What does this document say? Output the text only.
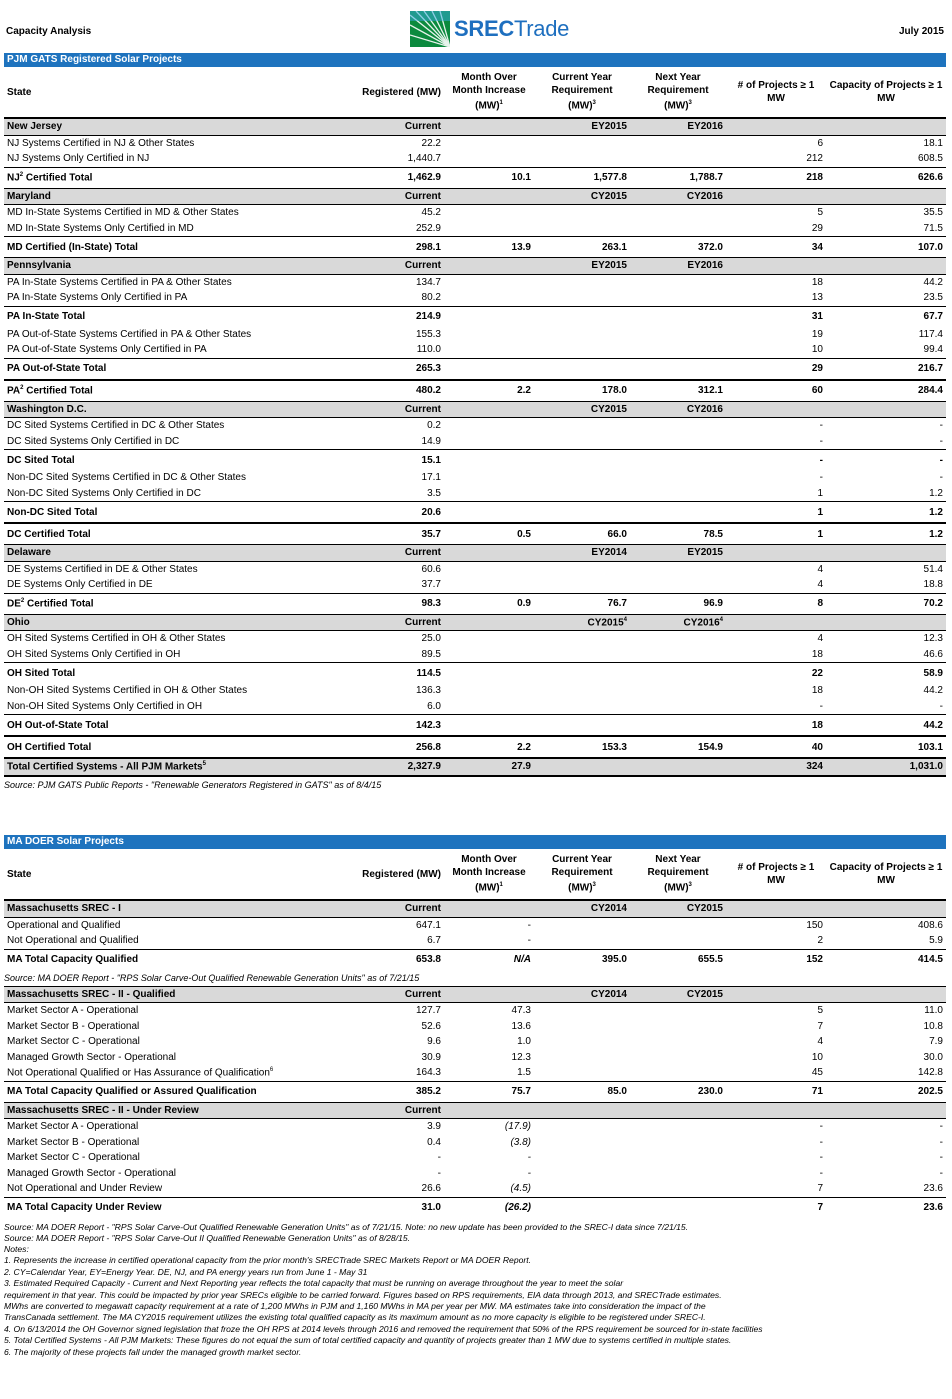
Capacity Analysis	SRECTrade	July 2015
PJM GATS Registered Solar Projects
State	Registered (MW)	Month Over Month Increase (MW)$^1$	Current Year Requirement (MW)$^3$	Next Year Requirement (MW)$^3$	# of Projects ≥ 1 MW	Capacity of Projects ≥ 1 MW
New Jersey	Current		EY2015	EY2016		
NJ Systems Certified in NJ & Other States	22.2				6	18.1
NJ Systems Only Certified in NJ	1,440.7				212	608.5
$NJ^2$ Certified Total	1,462.9	10.1	1,577.8	1,788.7	218	626.6
Maryland	Current		CY2015	CY2016		
MD In-State Systems Certified in MD & Other States	45.2				5	35.5
MD In-State Systems Only Certified in MD	252.9				29	71.5
MD Certified (In-State) Total	298.1	13.9	263.1	372.0	34	107.0
Pennsylvania	Current		EY2015	EY2016		
PA In-State Systems Certified in PA & Other States	134.7				18	44.2
PA In-State Systems Only Certified in PA	80.2				13	23.5
PA In-State Total	214.9				31	67.7
PA Out-of-State Systems Certified in PA & Other States	155.3				19	117.4
PA Out-of-State Systems Only Certified in PA	110.0				10	99.4
PA Out-of-State Total	265.3				29	216.7
$PA^2$ Certified Total	480.2	2.2	178.0	312.1	60	284.4
Washington D.C.	Current		CY2015	CY2016		
DC Sited Systems Certified in DC & Other States	0.2				-	-
DC Sited Systems Only Certified in DC	14.9				-	-
DC Sited Total	15.1				-	-
Non-DC Sited Systems Certified in DC & Other States	17.1				-	-
Non-DC Sited Systems Only Certified in DC	3.5				1	1.2
Non-DC Sited Total	20.6				1	1.2
DC Certified Total	35.7	0.5	66.0	78.5	1	1.2
Delaware	Current		EY2014	EY2015		
DE Systems Certified in DE & Other States	60.6				4	51.4
DE Systems Only Certified in DE	37.7				4	18.8
$DE^2$ Certified Total	98.3	0.9	76.7	96.9	8	70.2
Ohio	Current		CY2015$^4$	CY2016$^4$		
OH Sited Systems Certified in OH & Other States	25.0				4	12.3
OH Sited Systems Only Certified in OH	89.5				18	46.6
OH Sited Total	114.5				22	58.9
Non-OH Sited Systems Certified in OH & Other States	136.3				18	44.2
Non-OH Sited Systems Only Certified in OH	6.0				-	-
OH Out-of-State Total	142.3				18	44.2
OH Certified Total	256.8	2.2	153.3	154.9	40	103.1
Total Certified Systems - All PJM Markets$^5$	2,327.9	27.9			324	1,031.0
Source: PJM GATS Public Reports - "Renewable Generators Registered in GATS" as of 8/4/15
MA DOER Solar Projects
State	Registered (MW)	Month Over Month Increase (MW)$^1$	Current Year Requirement (MW)$^3$	Next Year Requirement (MW)$^3$	# of Projects ≥ 1 MW	Capacity of Projects ≥ 1 MW
Massachusetts SREC - I	Current		CY2014	CY2015		
Operational and Qualified	647.1	-			150	408.6
Not Operational and Qualified	6.7	-			2	5.9
MA Total Capacity Qualified	653.8	N/A	395.0	655.5	152	414.5
Source: MA DOER Report - "RPS Solar Carve-Out Qualified Renewable Generation Units" as of 7/21/15
Massachusetts SREC - II - Qualified	Current		CY2014	CY2015		
Market Sector A - Operational	127.7	47.3			5	11.0
Market Sector B - Operational	52.6	13.6			7	10.8
Market Sector C - Operational	9.6	1.0			4	7.9
Managed Growth Sector - Operational	30.9	12.3			10	30.0
Not Operational Qualified or Has Assurance of Qualification$^6$	164.3	1.5			45	142.8
MA Total Capacity Qualified or Assured Qualification	385.2	75.7	85.0	230.0	71	202.5
Massachusetts SREC - II - Under Review	Current					
Market Sector A - Operational	3.9	(17.9)			-	-
Market Sector B - Operational	0.4	(3.8)			-	-
Market Sector C - Operational	-	-			-	-
Managed Growth Sector - Operational	-	-			-	-
Not Operational and Under Review	26.6	(4.5)			7	23.6
MA Total Capacity Under Review	31.0	(26.2)			7	23.6
Source: MA DOER Report - "RPS Solar Carve-Out Qualified Renewable Generation Units" as of 7/21/15. Note: no new update has been provided to the SREC-I data since 7/21/15.
Source: MA DOER Report - "RPS Solar Carve-Out II Qualified Renewable Generation Units" as of 8/28/15.
Notes:
1. Represents the increase in certified operational capacity from the prior month's SRECTrade SREC Markets Report or MA DOER Report.
2. CY=Calendar Year, EY=Energy Year. DE, NJ, and PA energy years run from June 1 - May 31
3. Estimated Required Capacity - Current and Next Reporting year reflects the total capacity that must be running on average throughout the year to meet the solar
requirement in that year. This could be impacted by prior year SRECs eligible to be carried forward. Figures based on RPS requirements, EIA data through 2013, and SRECTrade estimates.
MWhs are converted to megawatt capacity requirement at a rate of 1,200 MWhs in PJM and 1,160 MWhs in MA per year per MW. MA estimates take into consideration the impact of the
TransCanada settlement. The MA CY2015 requirement utilizes the existing total qualified capacity as its maximum amount as no more capacity is eligible to be registered under SREC-I.
4. On 6/13/2014 the OH Governor signed legislation that froze the OH RPS at 2014 levels through 2016 and removed the requirement that 50% of the RPS requirement be sourced for in-state facilities
5. Total Certified Systems - All PJM Markets: These figures do not equal the sum of total certified capacity and quantity of projects greater than 1 MW due to systems certified in multiple states.
6. The majority of these projects fall under the managed growth market sector.
